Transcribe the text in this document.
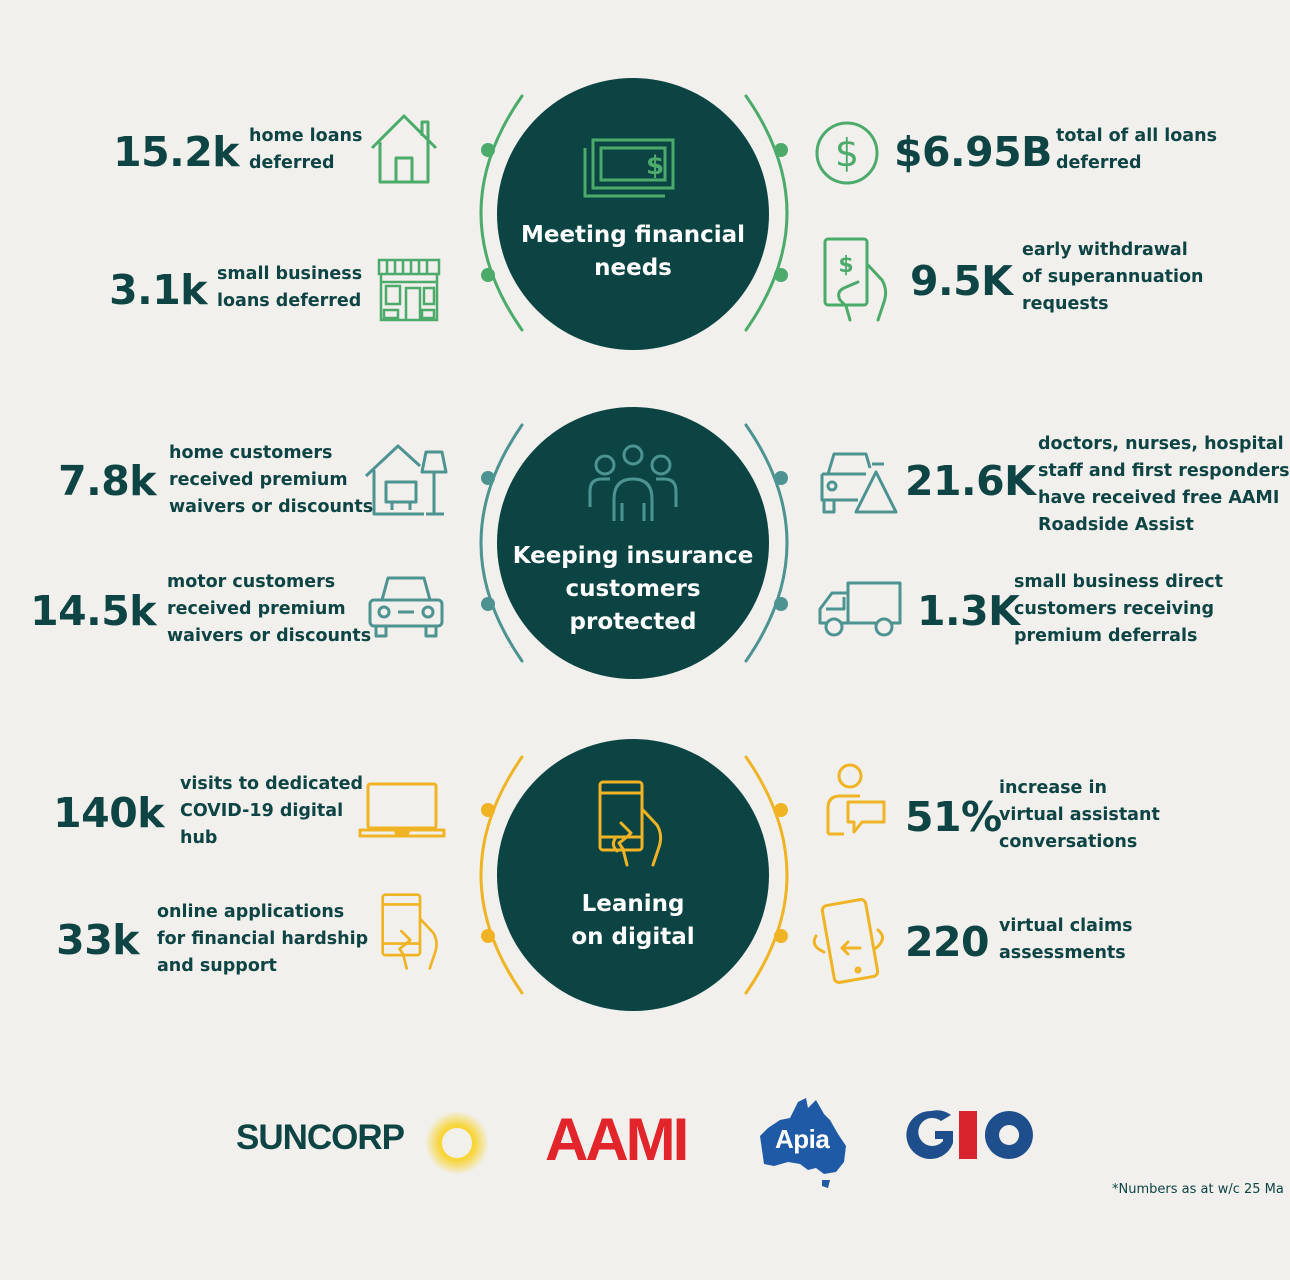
$
Meeting financial
needs
15.2k home loans
deferred
3.1k small business
loans deferred
$ $6.95B total of all loans
deferred
$ 9.5K
early withdrawal
of superannuation
requests
Keeping insurance
customers
protected
7.8k
home customers
received premium
waivers or discounts
14.5k
motor customers
received premium
waivers or discounts
21.6K
doctors, nurses, hospital
staff and first responders
have received free AAMI
Roadside Assist
1.3K
small business direct
customers receiving
premium deferrals
Leaning
on digital
140k
visits to dedicated
COVID-19 digital
hub
33k
online applications
for financial hardship
and support
51%
increase in
virtual assistant
conversations
220 virtual claims
assessments
SUNCORP AAMI	Apia
GIO
*Numbers as at w/c 25 Ma
